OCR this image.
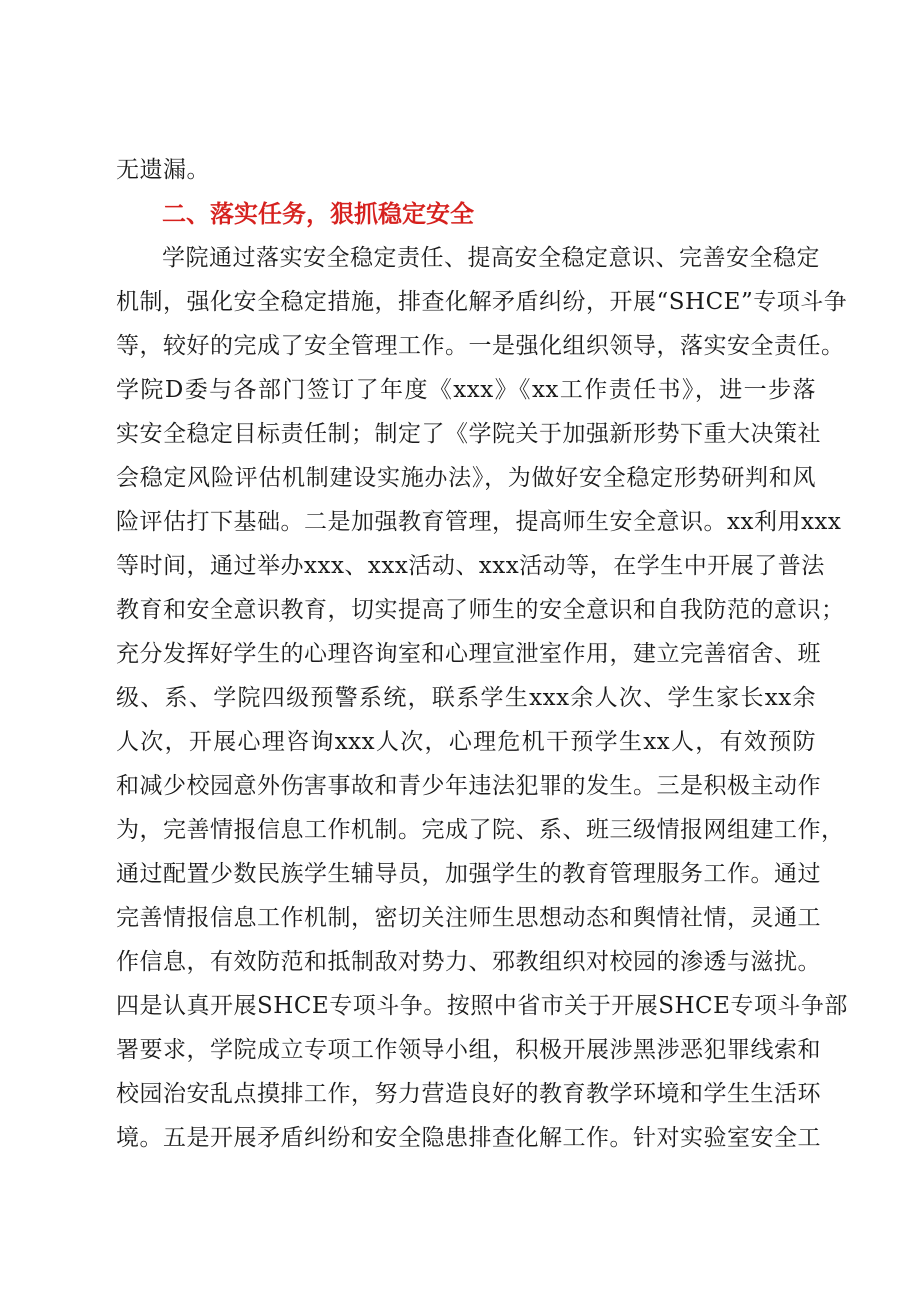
无遗漏。
二、落实任务，狠抓稳定安全
学院通过落实安全稳定责任、提高安全稳定意识、完善安全稳定
机制，强化安全稳定措施，排查化解矛盾纠纷，开展“SHCE”专项斗争
等，较好的完成了安全管理工作。一是强化组织领导，落实安全责任。
学院D委与各部门签订了年度《xxx》《xx工作责任书》，进一步落
实安全稳定目标责任制；制定了《学院关于加强新形势下重大决策社
会稳定风险评估机制建设实施办法》，为做好安全稳定形势研判和风
险评估打下基础。二是加强教育管理，提高师生安全意识。xx利用xxx
等时间，通过举办xxx、xxx活动、xxx活动等，在学生中开展了普法
教育和安全意识教育，切实提高了师生的安全意识和自我防范的意识；
充分发挥好学生的心理咨询室和心理宣泄室作用，建立完善宿舍、班
级、系、学院四级预警系统，联系学生xxx余人次、学生家长xx余
人次，开展心理咨询xxx人次，心理危机干预学生xx人，有效预防
和减少校园意外伤害事故和青少年违法犯罪的发生。三是积极主动作
为，完善情报信息工作机制。完成了院、系、班三级情报网组建工作，
通过配置少数民族学生辅导员，加强学生的教育管理服务工作。通过
完善情报信息工作机制，密切关注师生思想动态和舆情社情，灵通工
作信息，有效防范和抵制敌对势力、邪教组织对校园的渗透与滋扰。
四是认真开展SHCE专项斗争。按照中省市关于开展SHCE专项斗争部
署要求，学院成立专项工作领导小组，积极开展涉黑涉恶犯罪线索和
校园治安乱点摸排工作，努力营造良好的教育教学环境和学生生活环
境。五是开展矛盾纠纷和安全隐患排查化解工作。针对实验室安全工
